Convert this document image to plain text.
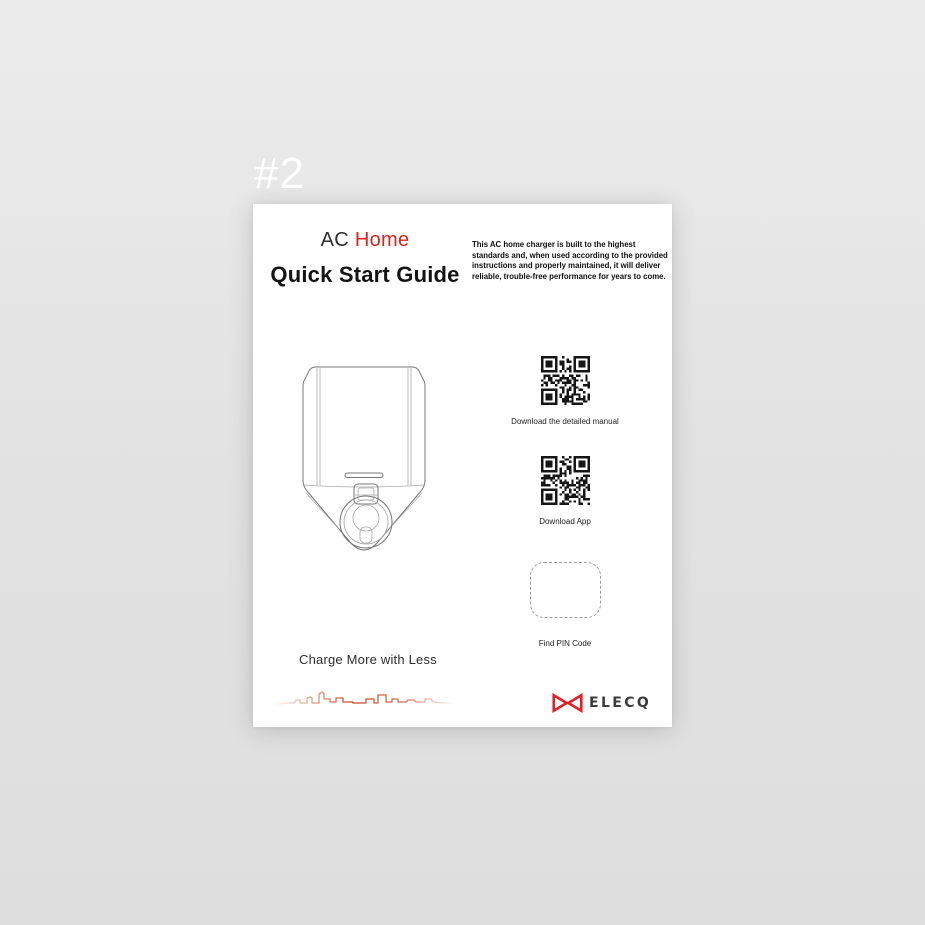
#2
AC Home
Quick Start Guide
This AC home charger is built to the highest standards and, when used according to the provided instructions and properly maintained, it will deliver reliable, trouble-free performance for years to come.
Download the detailed manual
Download App
Find PIN Code
Charge More with Less
ELECQ
